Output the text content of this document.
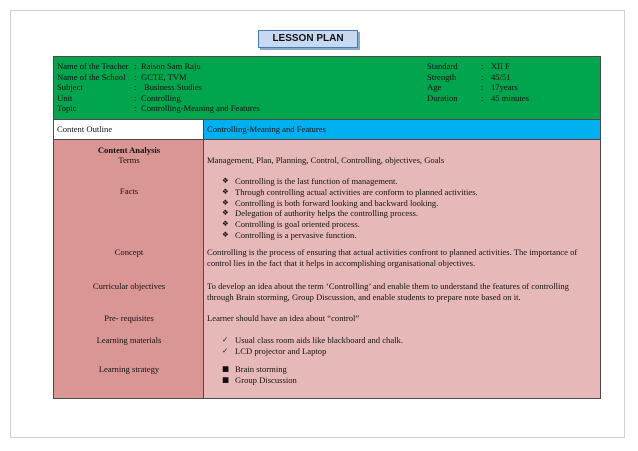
LESSON PLAN
Name of the Teacher
Name of the School
Subject
Unit
Topic
:
:
:
:
:
Raison Sam Raju
GCTE, TVM
Business Studies
Controlling
Controlling-Meaning and Features
Standard
Strength
Age
Duration
:
:
:
:
XII F
45/51
17years
45 minutes
Content Outline	Controlling-Meaning and Features
Content Analysis
Terms
Facts
Concept
Curricular objectives
Pre- requisites
Learning materials
Learning strategy
Management, Plan, Planning, Control, Controlling, objectives, Goals
❖ Controlling is the last function of management.
❖ Through controlling actual activities are conform to planned activities.
❖ Controlling is both forward looking and backward looking.
❖ Delegation of authority helps the controlling process.
❖ Controlling is goal oriented process.
❖ Controlling is a pervasive function.
Controlling is the process of ensuring that actual activities confront to planned activities. The importance of control lies in the fact that it helps in accomplishing organisational objectives.
To develop an idea about the term ‘Controlling’ and enable them to understand the features of controlling through Brain storming, Group Discussion, and enable students to prepare note based on it.
Learner should have an idea about “control”
✓ Usual class room aids like blackboard and chalk.
✓ LCD projector and Laptop
■ Brain storming
■ Group Discussion
